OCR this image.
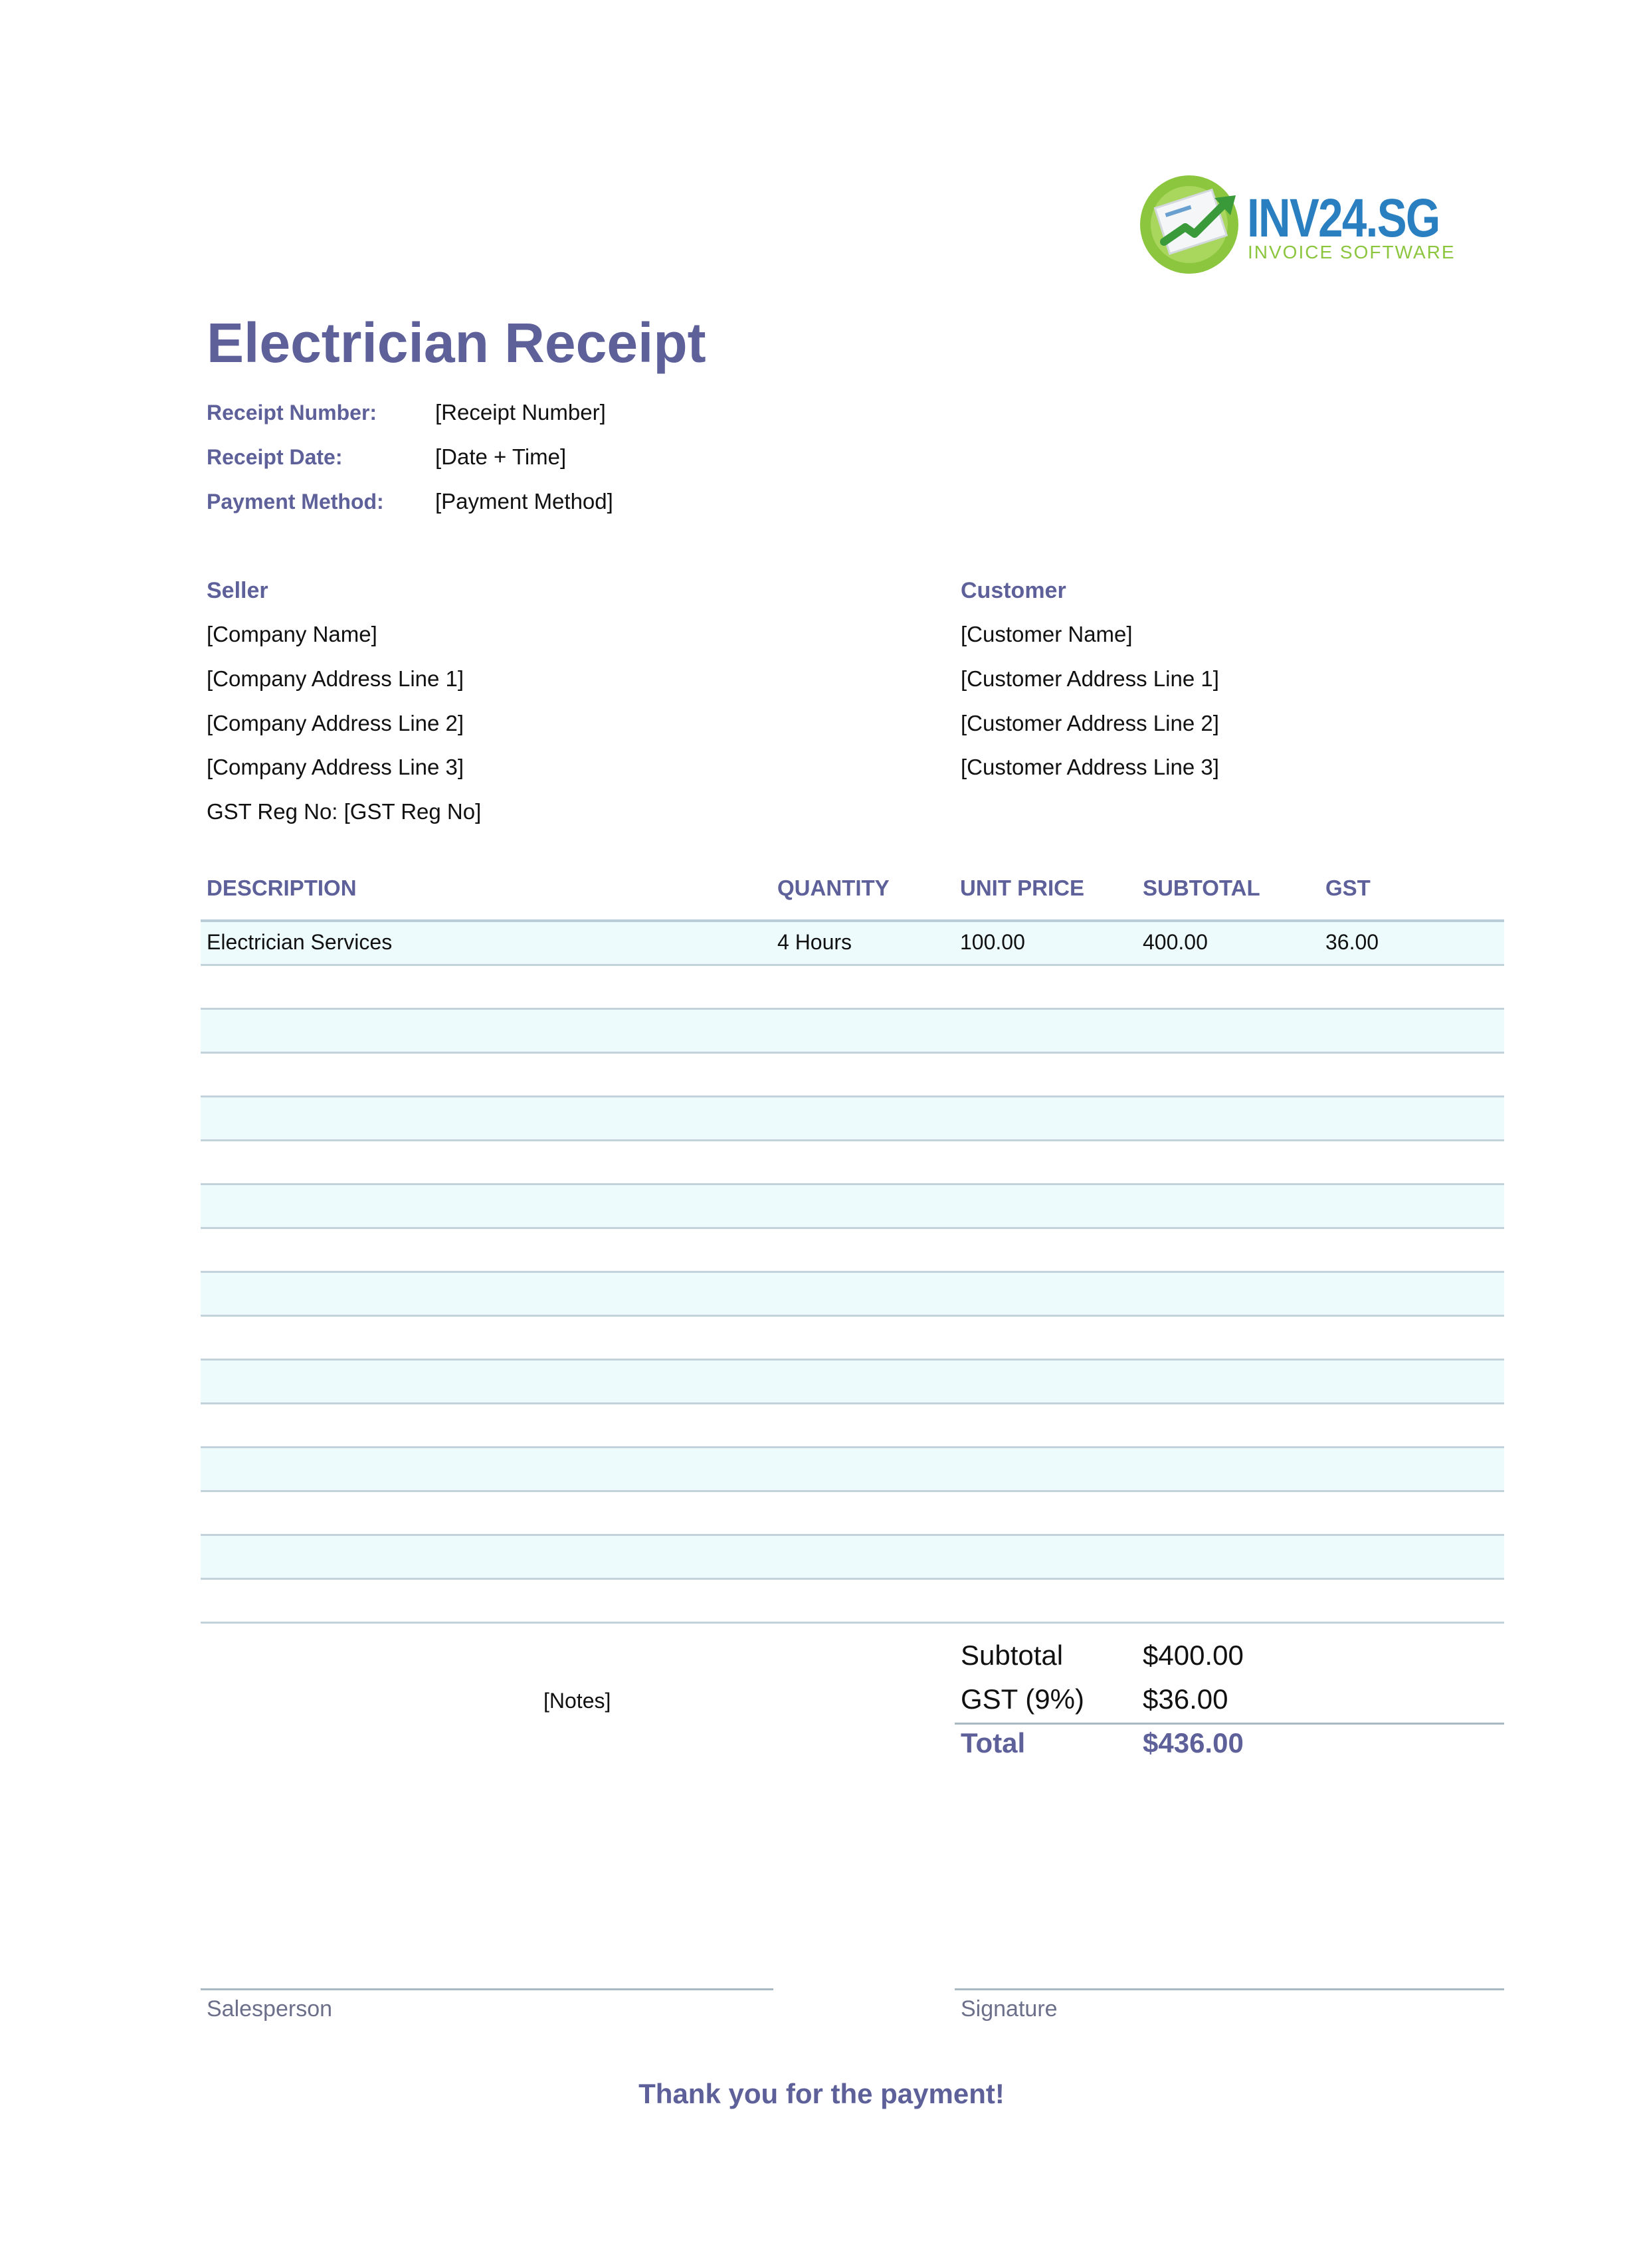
INV24.SG
INVOICE SOFTWARE
Electrician Receipt
Receipt Number:	[Receipt Number]
Receipt Date:	[Date + Time]
Payment Method: [Payment Method]
Seller
[Company Name]
[Company Address Line 1]
[Company Address Line 2]
[Company Address Line 3]
GST Reg No: [GST Reg No]
Customer
[Customer Name]
[Customer Address Line 1]
[Customer Address Line 2]
[Customer Address Line 3]
DESCRIPTION	QUANTITY	UNIT PRICE	SUBTOTAL	GST
Electrician Services	4 Hours	100.00	400.00	36.00
[Notes]
Subtotal	$400.00
GST (9%) $36.00
Total	$436.00
Salesperson	Signature
Thank you for the payment!
